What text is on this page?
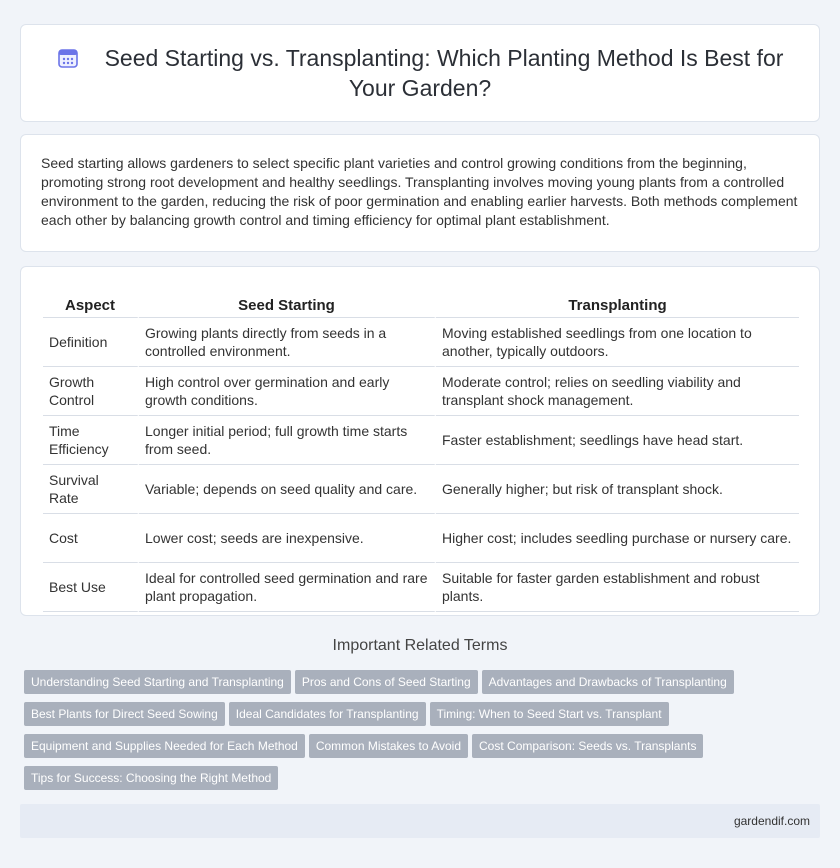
Seed Starting vs. Transplanting: Which Planting Method Is Best for Your Garden?

Seed starting allows gardeners to select specific plant varieties and control growing conditions from the beginning, promoting strong root development and healthy seedlings. Transplanting involves moving young plants from a controlled environment to the garden, reducing the risk of poor germination and enabling earlier harvests. Both methods complement each other by balancing growth control and timing efficiency for optimal plant establishment.

Aspect	Seed Starting	Transplanting
Definition	Growing plants directly from seeds in a controlled environment.	Moving established seedlings from one location to another, typically outdoors.
Growth Control	High control over germination and early growth conditions.	Moderate control; relies on seedling viability and transplant shock management.
Time Efficiency	Longer initial period; full growth time starts from seed.	Faster establishment; seedlings have head start.
Survival Rate	Variable; depends on seed quality and care.	Generally higher; but risk of transplant shock.
Cost	Lower cost; seeds are inexpensive.	Higher cost; includes seedling purchase or nursery care.
Best Use	Ideal for controlled seed germination and rare plant propagation.	Suitable for faster garden establishment and robust plants.
Important Related Terms
Understanding Seed Starting and Transplanting Pros and Cons of Seed Starting Advantages and Drawbacks of Transplanting
Best Plants for Direct Seed Sowing Ideal Candidates for Transplanting Timing: When to Seed Start vs. Transplant
Equipment and Supplies Needed for Each Method Common Mistakes to Avoid Cost Comparison: Seeds vs. Transplants
Tips for Success: Choosing the Right Method
gardendif.com
